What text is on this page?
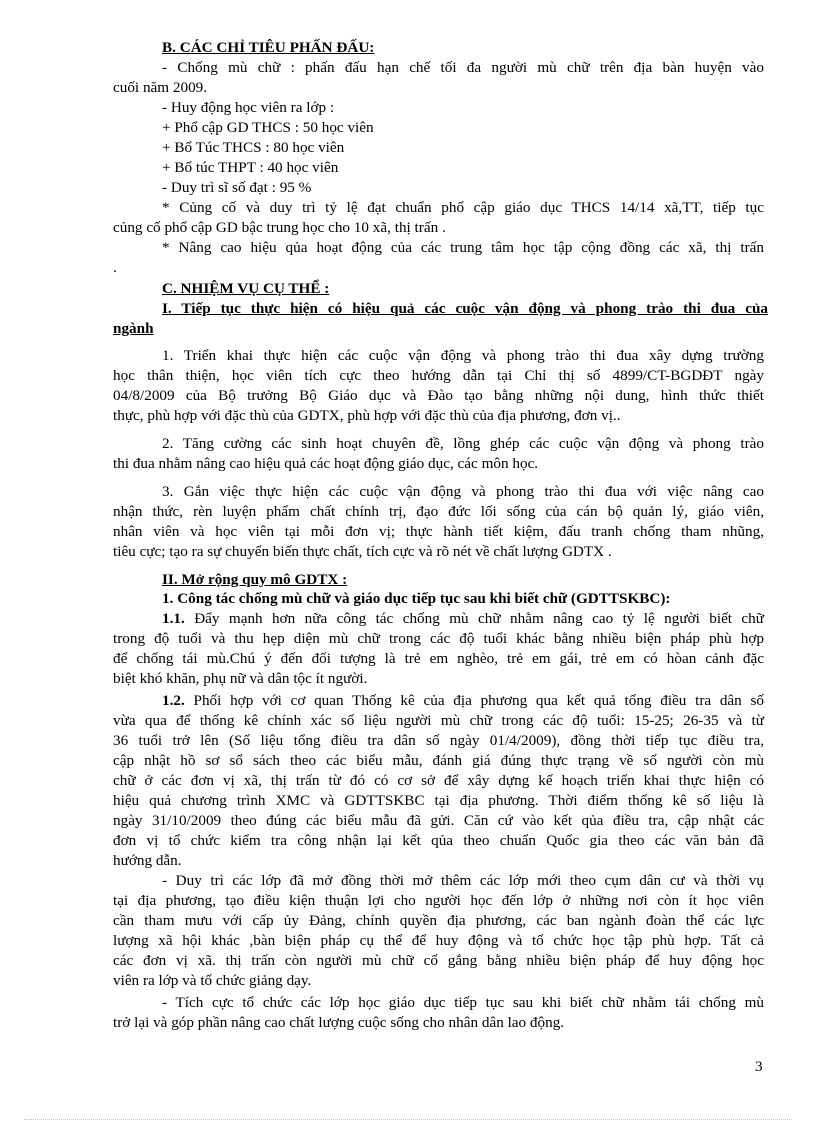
B. CÁC CHỈ TIÊU PHẤN ĐẤU:
- Chống mù chữ : phấn đấu hạn chế tối đa người mù chữ trên địa bàn huyện vào
cuối năm 2009.
- Huy động học viên ra lớp :
+ Phổ cập GD THCS : 50 học viên
+ Bổ Túc THCS : 80 học viên
+ Bổ túc THPT : 40 học viên
- Duy trì sĩ số đạt : 95 %
* Củng cố và duy trì tỷ lệ đạt chuẩn phổ cập giáo dục THCS 14/14 xã,TT, tiếp tục
củng cố phổ cập GD bậc trung học cho 10 xã, thị trấn .
* Nâng cao hiệu qủa hoạt động của các trung tâm học tập cộng đồng các xã, thị trấn
.
C. NHIỆM VỤ CỤ THỂ :
I. Tiếp tục thực hiện có hiệu quả các cuộc vận động và phong trào thi đua của
ngành
1. Triển khai thực hiện các cuộc vận động và phong trào thi đua xây dựng trường
học thân thiện, học viên tích cực theo hướng dẫn tại Chỉ thị số 4899/CT-BGDĐT ngày
04/8/2009 của Bộ trưởng Bộ Giáo dục và Đào tạo bằng những nội dung, hình thức thiết
thực, phù hợp với đặc thù của GDTX, phù hợp với đặc thù của địa phương, đơn vị..
2. Tăng cường các sinh hoạt chuyên đề, lồng ghép các cuộc vận động và phong trào
thi đua nhằm nâng cao hiệu quả các hoạt động giáo dục, các môn học.
3. Gắn việc thực hiện các cuộc vận động và phong trào thi đua với việc nâng cao
nhận thức, rèn luyện phẩm chất chính trị, đạo đức lối sống của cán bộ quản lý, giáo viên,
nhân viên và học viên tại mỗi đơn vị; thực hành tiết kiệm, đấu tranh chống tham nhũng,
tiêu cực; tạo ra sự chuyển biến thực chất, tích cực và rõ nét về chất lượng GDTX .
II. Mở rộng quy mô GDTX :
1. Công tác chống mù chữ và giáo dục tiếp tục sau khi biết chữ (GDTTSKBC):
1.1. Đẩy mạnh hơn nữa công tác chống mù chữ nhằm nâng cao tỷ lệ người biết chữ
trong độ tuổi và thu hẹp diện mù chữ trong các độ tuổi khác bằng nhiều biện pháp phù hợp
để chống tái mù.Chú ý đến đối tượng là trẻ em nghèo, trẻ em gái, trẻ em có hòan cảnh đặc
biệt khó khăn, phụ nữ và dân tộc ít người.
1.2. Phối hợp với cơ quan Thống kê của địa phương qua kết quả tổng điều tra dân số
vừa qua để thống kê chính xác số liệu người mù chữ trong các độ tuổi: 15-25; 26-35 và từ
36 tuổi trở lên (Số liệu tổng điều tra dân số ngày 01/4/2009), đồng thời tiếp tục điều tra,
cập nhật hồ sơ sổ sách theo các biểu mẫu, đánh giá đúng thực trạng về số người còn mù
chữ ở các đơn vị xã, thị trấn từ đó có cơ sở để xây dựng kế hoạch triển khai thực hiện có
hiệu quả chương trình XMC và GDTTSKBC tại địa phương. Thời điểm thống kê số liệu là
ngày 31/10/2009 theo đúng các biểu mẫu đã gửi. Căn cứ vào kết qủa điều tra, cập nhật các
đơn vị tổ chức kiểm tra công nhận lại kết qủa theo chuẩn Quốc gia theo các văn bản đã
hướng dẫn.
- Duy trì các lớp đã mở đồng thời mở thêm các lớp mới theo cụm dân cư và thời vụ
tại địa phương, tạo điều kiện thuận lợi cho người học đến lớp ở những nơi còn ít học viên
cần tham mưu với cấp ủy Đảng, chính quyền địa phương, các ban ngành đoàn thể các lực
lượng xã hội khác ,bàn biện pháp cụ thể để huy động và tổ chức học tập phù hợp. Tất cả
các đơn vị xã. thị trấn còn người mù chữ cố gắng bằng nhiều biện pháp để huy động học
viên ra lớp và tổ chức giảng dạy.
- Tích cực tổ chức các lớp học giáo dục tiếp tục sau khi biết chữ nhằm tái chống mù
trở lại và góp phần nâng cao chất lượng cuộc sống cho nhân dân lao động.
3
